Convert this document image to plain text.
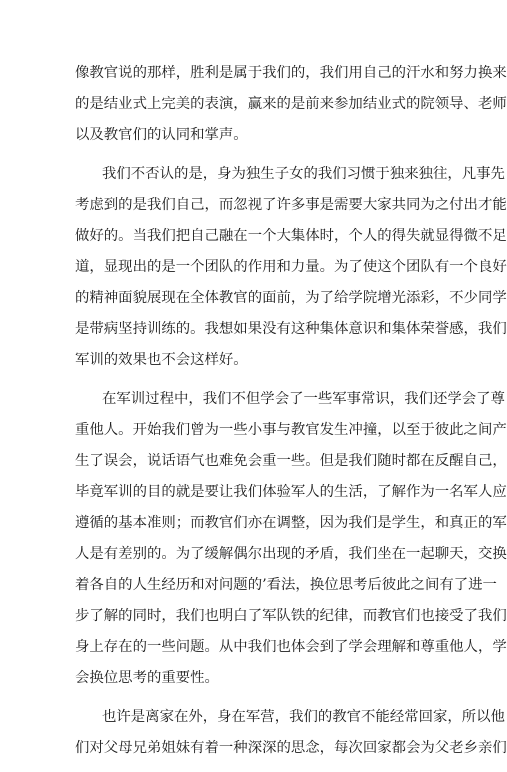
像教官说的那样，胜利是属于我们的，我们用自己的汗水和努力换来
的是结业式上完美的表演，赢来的是前来参加结业式的院领导、老师
以及教官们的认同和掌声。
我们不否认的是，身为独生子女的我们习惯于独来独往，凡事先
考虑到的是我们自己，而忽视了许多事是需要大家共同为之付出才能
做好的。当我们把自己融在一个大集体时，个人的得失就显得微不足
道，显现出的是一个团队的作用和力量。为了使这个团队有一个良好
的精神面貌展现在全体教官的面前，为了给学院增光添彩，不少同学
是带病坚持训练的。我想如果没有这种集体意识和集体荣誉感，我们
军训的效果也不会这样好。
在军训过程中，我们不但学会了一些军事常识，我们还学会了尊
重他人。开始我们曾为一些小事与教官发生冲撞，以至于彼此之间产
生了误会，说话语气也难免会重一些。但是我们随时都在反醒自己，
毕竟军训的目的就是要让我们体验军人的生活，了解作为一名军人应
遵循的基本准则；而教官们亦在调整，因为我们是学生，和真正的军
人是有差别的。为了缓解偶尔出现的矛盾，我们坐在一起聊天，交换
着各自的人生经历和对问题的’看法，换位思考后彼此之间有了进一
步了解的同时，我们也明白了军队铁的纪律，而教官们也接受了我们
身上存在的一些问题。从中我们也体会到了学会理解和尊重他人，学
会换位思考的重要性。
也许是离家在外，身在军营，我们的教官不能经常回家，所以他
们对父母兄弟姐妹有着一种深深的思念，每次回家都会为父老乡亲们
